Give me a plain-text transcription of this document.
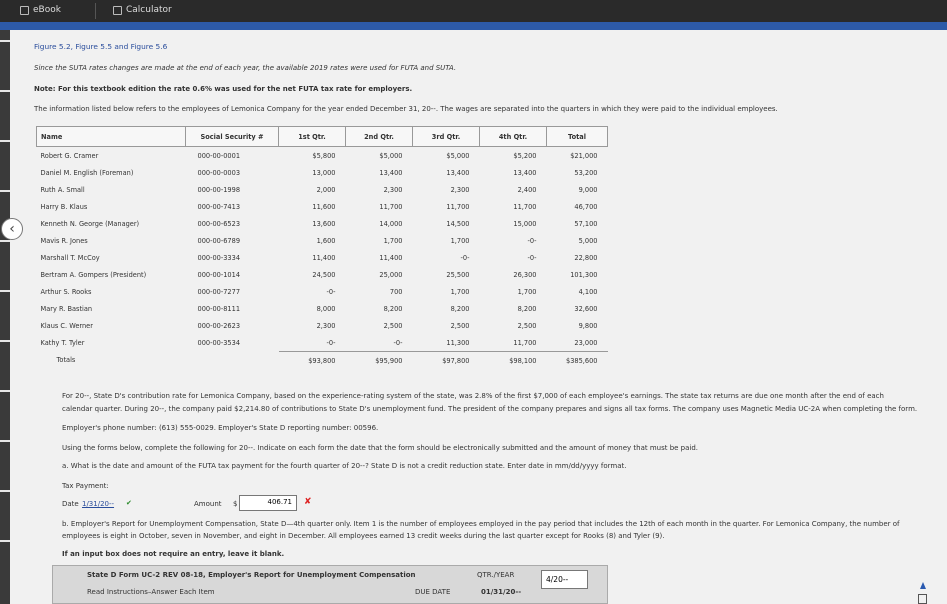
eBook	Calculator
Figure 5.2, Figure 5.5 and Figure 5.6
Since the SUTA rates changes are made at the end of each year, the available 2019 rates were used for FUTA and SUTA.
Note: For this textbook edition the rate 0.6% was used for the net FUTA tax rate for employers.
The information listed below refers to the employees of Lemonica Company for the year ended December 31, 20--. The wages are separated into the quarters in which they were paid to the individual employees.
‹
Name	Social Security #	1st Qtr.	2nd Qtr.	3rd Qtr.	4th Qtr.	Total
Robert G. Cramer	000-00-0001	$5,800	$5,000	$5,000	$5,200	$21,000
Daniel M. English (Foreman)	000-00-0003	13,000	13,400	13,400	13,400	53,200
Ruth A. Small	000-00-1998	2,000	2,300	2,300	2,400	9,000
Harry B. Klaus	000-00-7413	11,600	11,700	11,700	11,700	46,700
Kenneth N. George (Manager)	000-00-6523	13,600	14,000	14,500	15,000	57,100
Mavis R. Jones	000-00-6789	1,600	1,700	1,700	-0-	5,000
Marshall T. McCoy	000-00-3334	11,400	11,400	-0-	-0-	22,800
Bertram A. Gompers (President)	000-00-1014	24,500	25,000	25,500	26,300	101,300
Arthur S. Rooks	000-00-7277	-0-	700	1,700	1,700	4,100
Mary R. Bastian	000-00-8111	8,000	8,200	8,200	8,200	32,600
Klaus C. Werner	000-00-2623	2,300	2,500	2,500	2,500	9,800
Kathy T. Tyler	000-00-3534	-0-	-0-	11,300	11,700	23,000
Totals		$93,800	$95,900	$97,800	$98,100	$385,600
For 20--, State D's contribution rate for Lemonica Company, based on the experience-rating system of the state, was 2.8% of the first $7,000 of each employee's earnings. The state tax returns are due one month after the end of each
calendar quarter. During 20--, the company paid $2,214.80 of contributions to State D's unemployment fund. The president of the company prepares and signs all tax forms. The company uses Magnetic Media UC-2A when completing the form.
Employer's phone number: (613) 555-0029. Employer's State D reporting number: 00596.
Using the forms below, complete the following for 20--. Indicate on each form the date that the form should be electronically submitted and the amount of money that must be paid.
a. What is the date and amount of the FUTA tax payment for the fourth quarter of 20--? State D is not a credit reduction state. Enter date in mm/dd/yyyy format.
Tax Payment:
Date 1/31/20-- ✔	Amount $	406.71 ✘
b. Employer's Report for Unemployment Compensation, State D—4th quarter only. Item 1 is the number of employees employed in the pay period that includes the 12th of each month in the quarter. For Lemonica Company, the number of
employees is eight in October, seven in November, and eight in December. All employees earned 13 credit weeks during the last quarter except for Rooks (8) and Tyler (9).
If an input box does not require an entry, leave it blank.
State D Form UC-2 REV 08-18, Employer's Report for Unemployment Compensation
Read Instructions–Answer Each Item
QTR./YEAR
DUE DATE	01/31/20--
4/20--
